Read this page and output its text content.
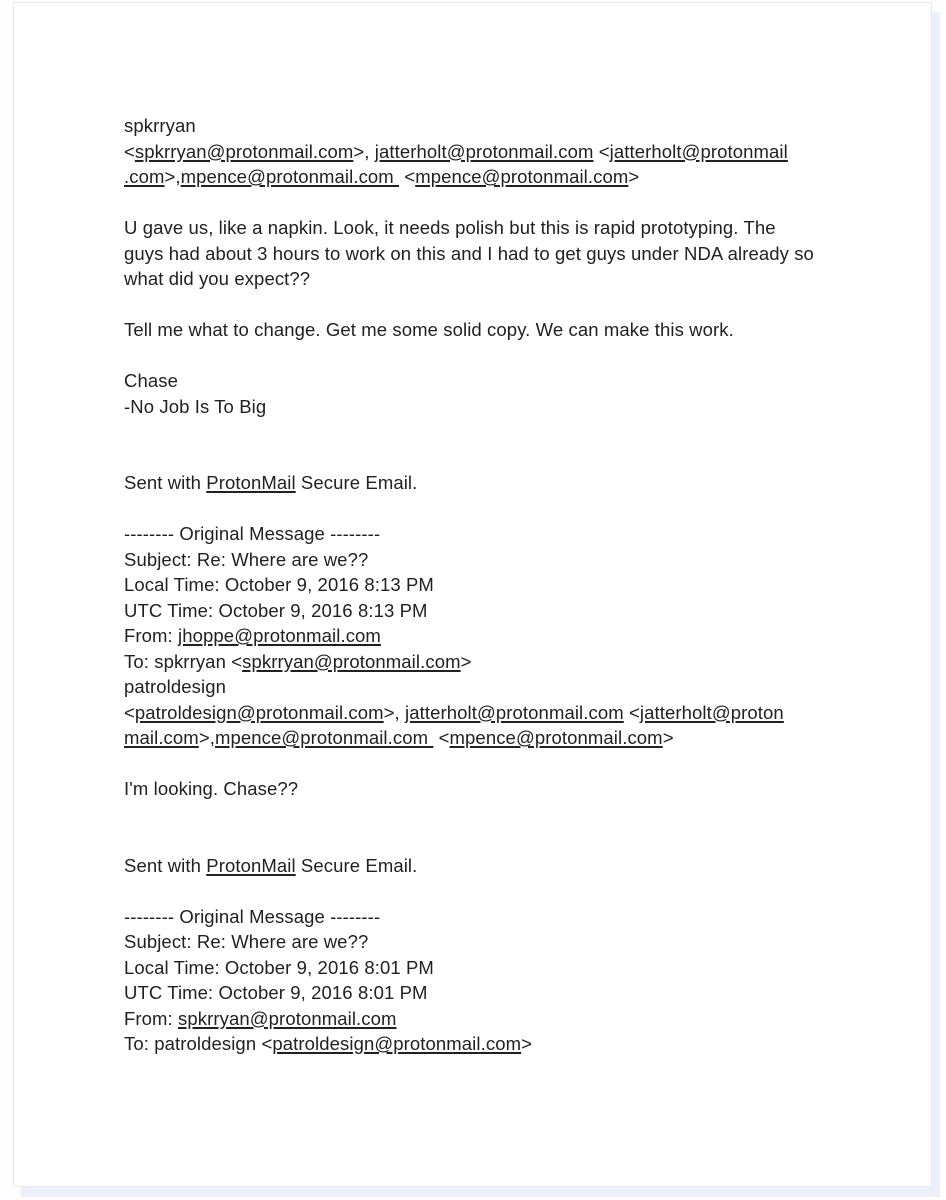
spkrryan
<spkrryan@protonmail.com>, jatterholt@protonmail.com <jatterholt@protonmail
.com>,mpence@protonmail.com  <mpence@protonmail.com>

U gave us, like a napkin. Look, it needs polish but this is rapid prototyping. The
guys had about 3 hours to work on this and I had to get guys under NDA already so
what did you expect??

Tell me what to change. Get me some solid copy. We can make this work.

Chase
-No Job Is To Big

Sent with ProtonMail Secure Email.

-------- Original Message --------
Subject: Re: Where are we??
Local Time: October 9, 2016 8:13 PM
UTC Time: October 9, 2016 8:13 PM
From: jhoppe@protonmail.com
To: spkrryan <spkrryan@protonmail.com>
patroldesign
<patroldesign@protonmail.com>, jatterholt@protonmail.com <jatterholt@proton
mail.com>,mpence@protonmail.com  <mpence@protonmail.com>

I'm looking. Chase??

Sent with ProtonMail Secure Email.

-------- Original Message --------
Subject: Re: Where are we??
Local Time: October 9, 2016 8:01 PM
UTC Time: October 9, 2016 8:01 PM
From: spkrryan@protonmail.com
To: patroldesign <patroldesign@protonmail.com>
